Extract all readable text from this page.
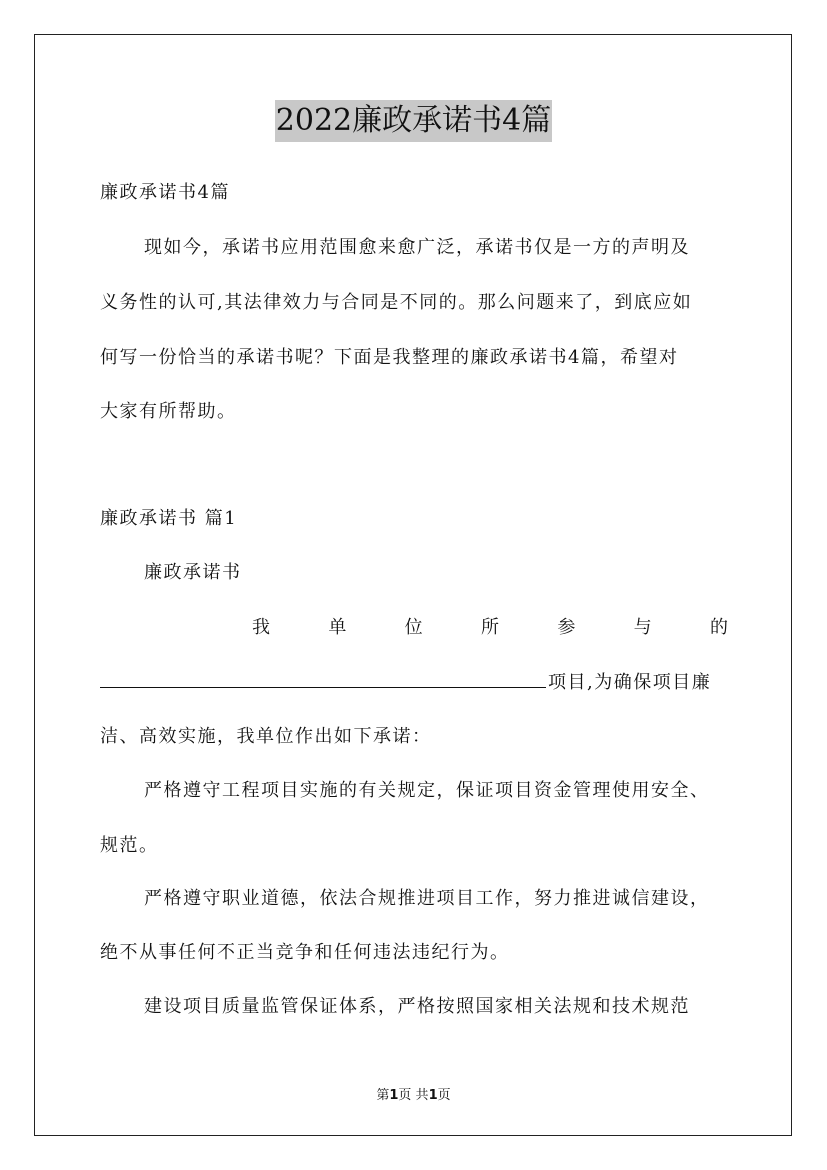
2022廉政承诺书4篇
廉政承诺书4篇
现如今，承诺书应用范围愈来愈广泛，承诺书仅是一方的声明及
义务性的认可,其法律效力与合同是不同的。那么问题来了，到底应如
何写一份恰当的承诺书呢？下面是我整理的廉政承诺书4篇，希望对
大家有所帮助。
廉政承诺书 篇1
廉政承诺书
我	单	位	所	参	与	的
项目,为确保项目廉
洁、高效实施，我单位作出如下承诺：
严格遵守工程项目实施的有关规定，保证项目资金管理使用安全、
规范。
严格遵守职业道德，依法合规推进项目工作，努力推进诚信建设，
绝不从事任何不正当竞争和任何违法违纪行为。
建设项目质量监管保证体系，严格按照国家相关法规和技术规范
第1页 共1页
